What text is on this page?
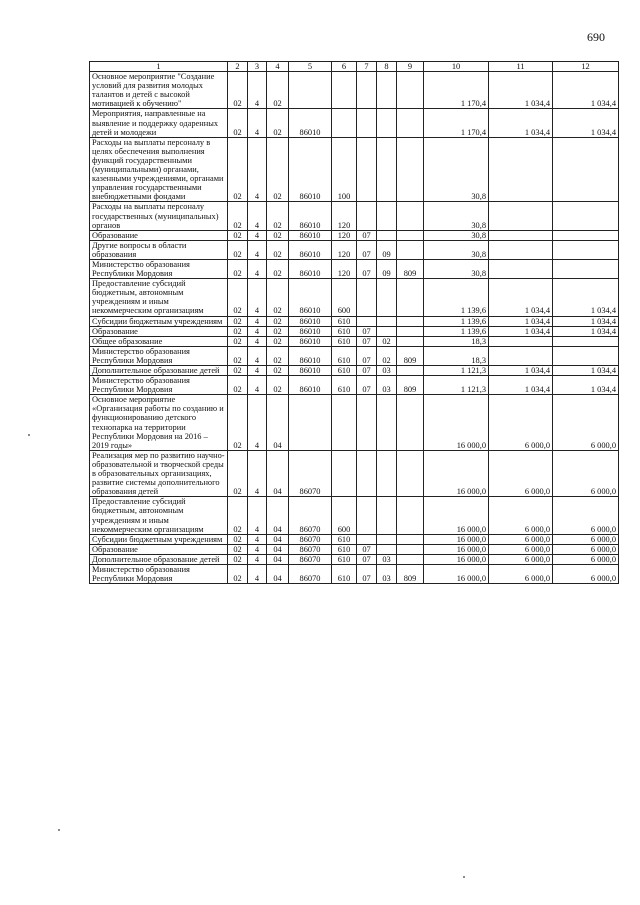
690
1	2	3	4	5	6	7	8	9	10	11	12
Основное мероприятие "Создание условий для развития молодых талантов и детей с высокой мотивацией к обучению"	02	4	02						1 170,4	1 034,4	1 034,4
Мероприятия, направленные на выявление и поддержку одаренных детей и молодежи	02	4	02	86010					1 170,4	1 034,4	1 034,4
Расходы на выплаты персоналу в целях обеспечения выполнения функций государственными (муниципальными) органами, казенными учреждениями, органами управления государственными внебюджетными фондами	02	4	02	86010	100				30,8		
Расходы на выплаты персоналу государственных (муниципальных) органов	02	4	02	86010	120				30,8		
Образование	02	4	02	86010	120	07			30,8		
Другие вопросы в области образования	02	4	02	86010	120	07	09		30,8		
Министерство образования Республики Мордовия	02	4	02	86010	120	07	09	809	30,8		
Предоставление субсидий бюджетным, автономным учреждениям и иным некоммерческим организациям	02	4	02	86010	600				1 139,6	1 034,4	1 034,4
Субсидии бюджетным учреждениям	02	4	02	86010	610				1 139,6	1 034,4	1 034,4
Образование	02	4	02	86010	610	07			1 139,6	1 034,4	1 034,4
Общее образование	02	4	02	86010	610	07	02		18,3		
Министерство образования Республики Мордовия	02	4	02	86010	610	07	02	809	18,3		
Дополнительное образование детей	02	4	02	86010	610	07	03		1 121,3	1 034,4	1 034,4
Министерство образования Республики Мордовия	02	4	02	86010	610	07	03	809	1 121,3	1 034,4	1 034,4
Основное мероприятие «Организация работы по созданию и функционированию детского технопарка на территории Республики Мордовия на 2016 – 2019 годы»	02	4	04						16 000,0	6 000,0	6 000,0
Реализация мер по развитию научно-образовательной и творческой среды в образовательных организациях, развитие системы дополнительного образования детей	02	4	04	86070					16 000,0	6 000,0	6 000,0
Предоставление субсидий бюджетным, автономным учреждениям и иным некоммерческим организациям	02	4	04	86070	600				16 000,0	6 000,0	6 000,0
Субсидии бюджетным учреждениям	02	4	04	86070	610				16 000,0	6 000,0	6 000,0
Образование	02	4	04	86070	610	07			16 000,0	6 000,0	6 000,0
Дополнительное образование детей	02	4	04	86070	610	07	03		16 000,0	6 000,0	6 000,0
Министерство образования Республики Мордовия	02	4	04	86070	610	07	03	809	16 000,0	6 000,0	6 000,0
